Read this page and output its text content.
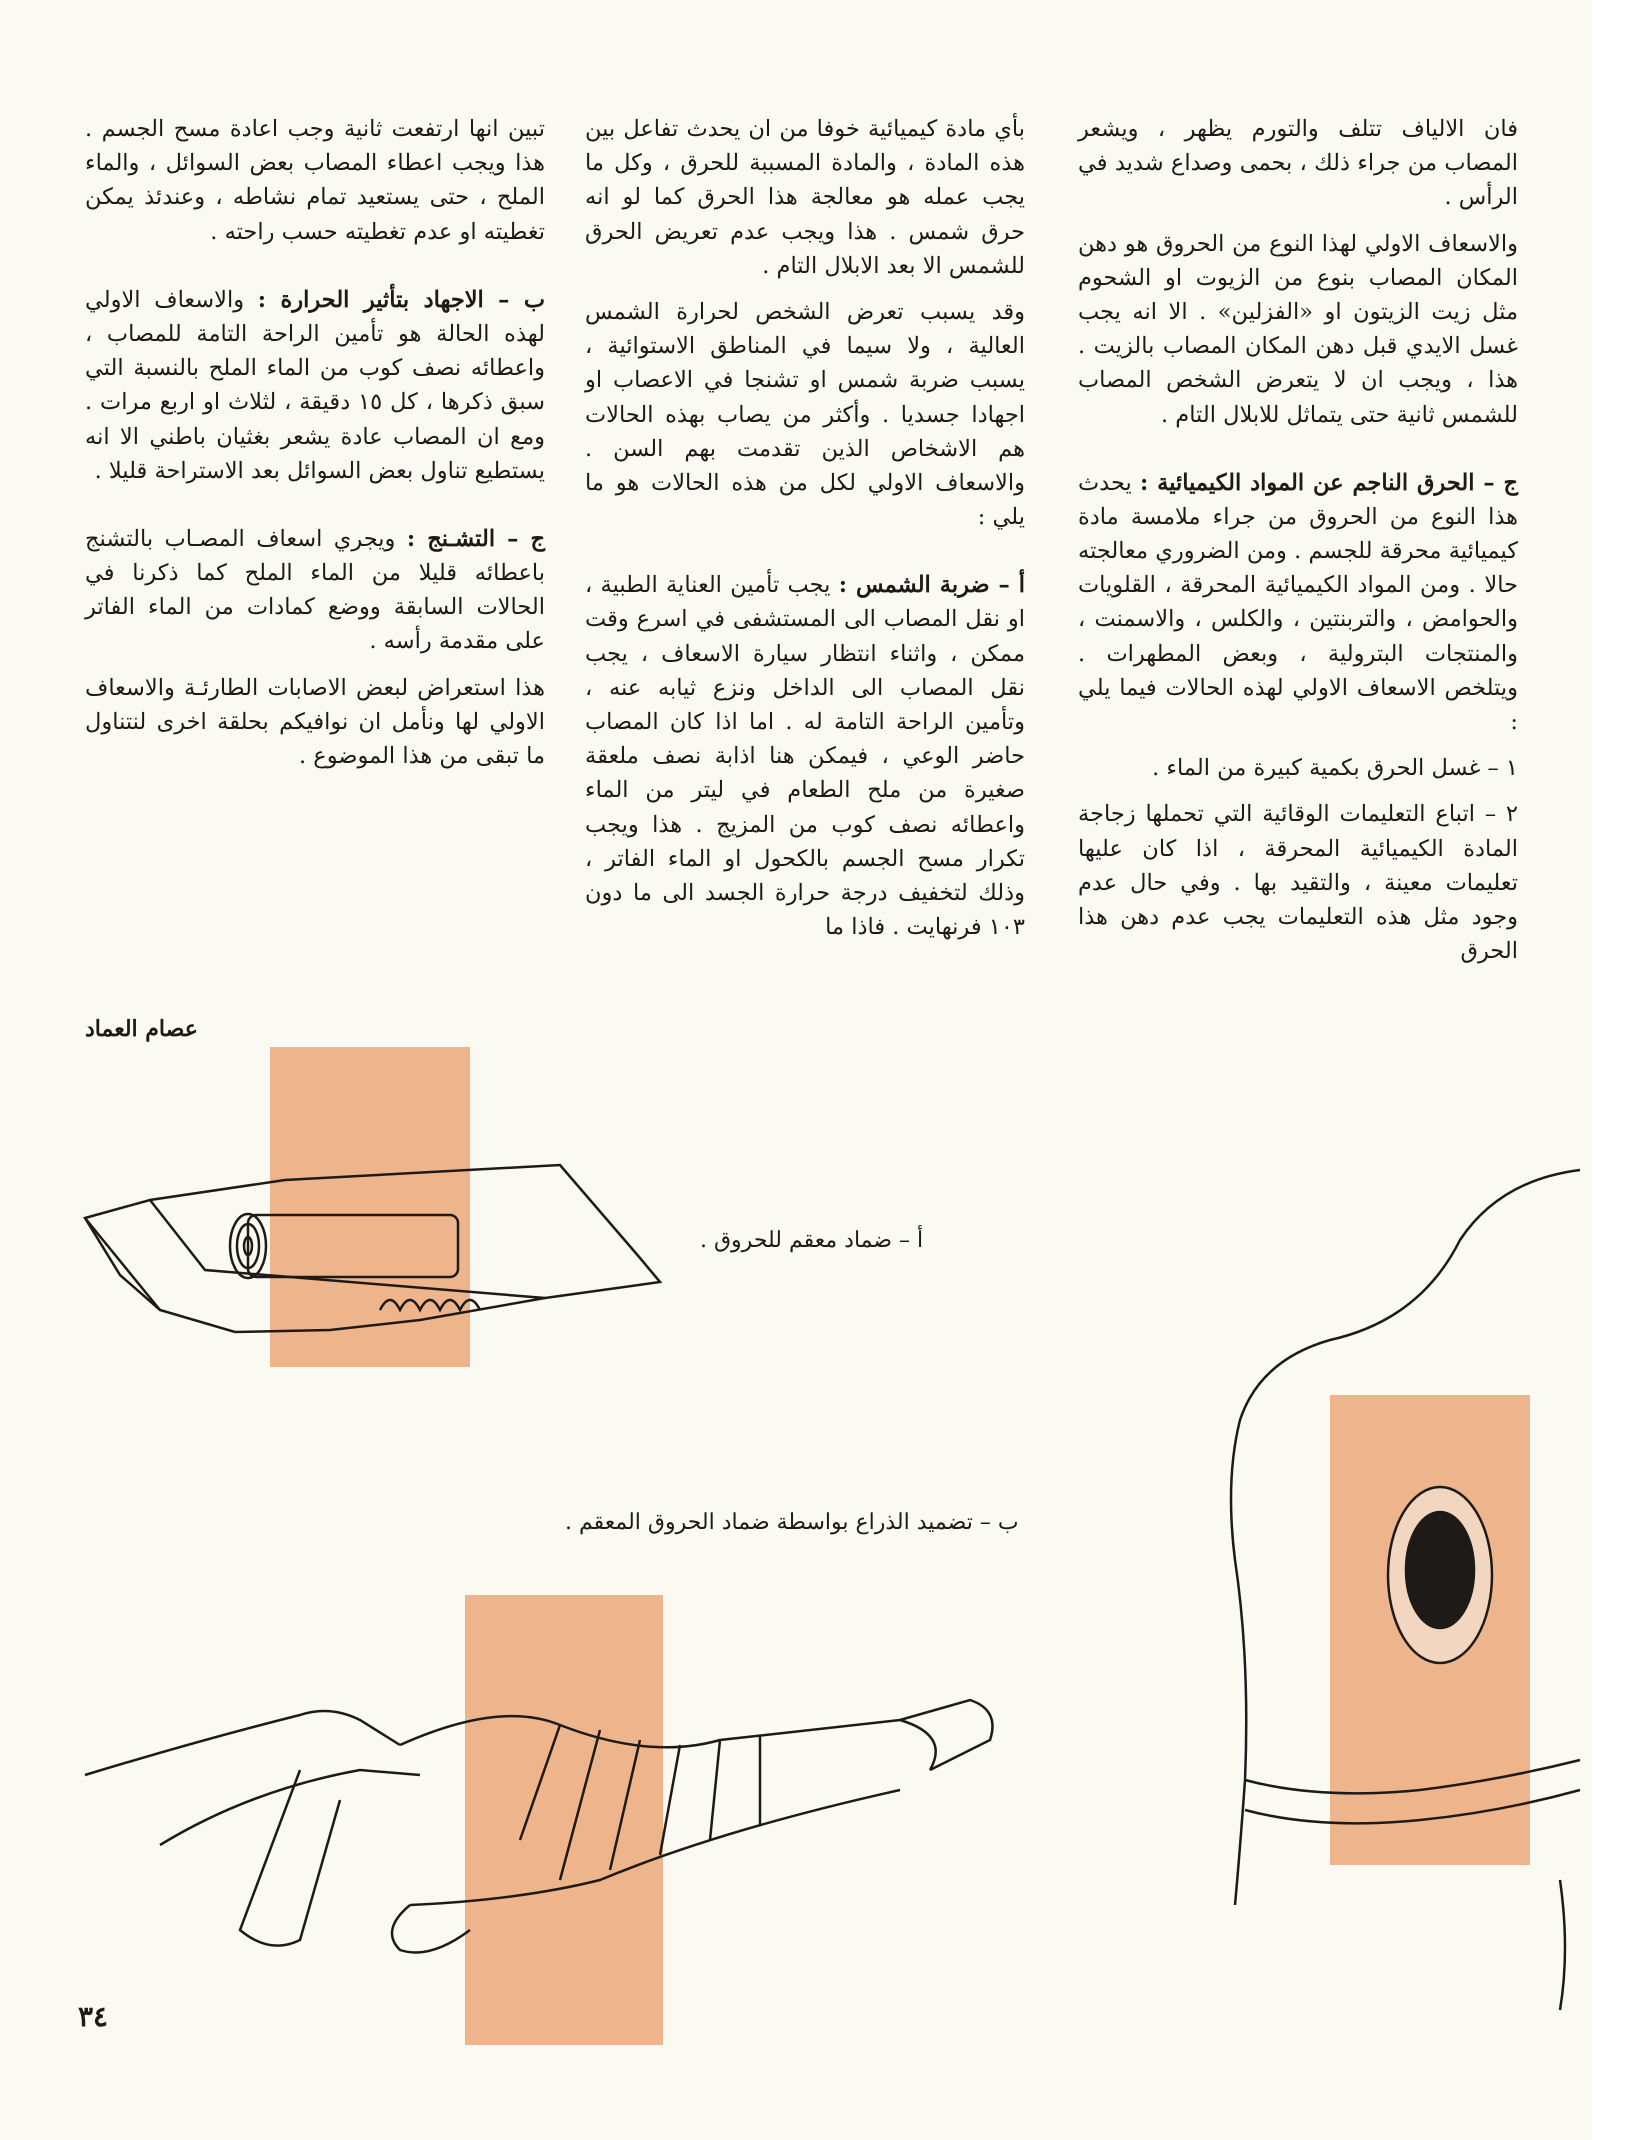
فان الالياف تتلف والتورم يظهر ، ويشعر المصاب من جراء ذلك ، بحمى وصداع شديد في الرأس .

والاسعاف الاولي لهذا النوع من الحروق هو دهن المكان المصاب بنوع من الزيوت او الشحوم مثل زيت الزيتون او «الفزلين» . الا انه يجب غسل الايدي قبل دهن المكان المصاب بالزيت . هذا ، ويجب ان لا يتعرض الشخص المصاب للشمس ثانية حتى يتماثل للابلال التام .

ج – الحرق الناجم عن المواد الكيميائية : يحدث هذا النوع من الحروق من جراء ملامسة مادة كيميائية محرقة للجسم . ومن الضروري معالجته حالا . ومن المواد الكيميائية المحرقة ، القلويات والحوامض ، والتربنتين ، والكلس ، والاسمنت ، والمنتجات البترولية ، وبعض المطهرات . ويتلخص الاسعاف الاولي لهذه الحالات فيما يلي :

١ – غسل الحرق بكمية كبيرة من الماء .

٢ – اتباع التعليمات الوقائية التي تحملها زجاجة المادة الكيميائية المحرقة ، اذا كان عليها تعليمات معينة ، والتقيد بها . وفي حال عدم وجود مثل هذه التعليمات يجب عدم دهن هذا الحرق

بأي مادة كيميائية خوفا من ان يحدث تفاعل بين هذه المادة ، والمادة المسببة للحرق ، وكل ما يجب عمله هو معالجة هذا الحرق كما لو انه حرق شمس . هذا ويجب عدم تعريض الحرق للشمس الا بعد الابلال التام .

وقد يسبب تعرض الشخص لحرارة الشمس العالية ، ولا سيما في المناطق الاستوائية ، يسبب ضربة شمس او تشنجا في الاعصاب او اجهادا جسديا . وأكثر من يصاب بهذه الحالات هم الاشخاص الذين تقدمت بهم السن . والاسعاف الاولي لكل من هذه الحالات هو ما يلي :

أ – ضربة الشمس : يجب تأمين العناية الطبية ، او نقل المصاب الى المستشفى في اسرع وقت ممكن ، واثناء انتظار سيارة الاسعاف ، يجب نقل المصاب الى الداخل ونزع ثيابه عنه ، وتأمين الراحة التامة له . اما اذا كان المصاب حاضر الوعي ، فيمكن هنا اذابة نصف ملعقة صغيرة من ملح الطعام في ليتر من الماء واعطائه نصف كوب من المزيج . هذا ويجب تكرار مسح الجسم بالكحول او الماء الفاتر ، وذلك لتخفيف درجة حرارة الجسد الى ما دون ١٠٣ فرنهايت . فاذا ما

تبين انها ارتفعت ثانية وجب اعادة مسح الجسم . هذا ويجب اعطاء المصاب بعض السوائل ، والماء الملح ، حتى يستعيد تمام نشاطه ، وعندئذ يمكن تغطيته او عدم تغطيته حسب راحته .

ب – الاجهاد بتأثير الحرارة : والاسعاف الاولي لهذه الحالة هو تأمين الراحة التامة للمصاب ، واعطائه نصف كوب من الماء الملح بالنسبة التي سبق ذكرها ، كل ١٥ دقيقة ، لثلاث او اربع مرات . ومع ان المصاب عادة يشعر بغثيان باطني الا انه يستطيع تناول بعض السوائل بعد الاستراحة قليلا .

ج – التشـنج : ويجري اسعاف المصـاب بالتشنج باعطائه قليلا من الماء الملح كما ذكرنا في الحالات السابقة ووضع كمادات من الماء الفاتر على مقدمة رأسه .

هذا استعراض لبعض الاصابات الطارئـة والاسعاف الاولي لها ونأمل ان نوافيكم بحلقة اخرى لنتناول ما تبقى من هذا الموضوع .

عصام العماد
أ – ضماد معقم للحروق .
ب – تضميد الذراع بواسطة ضماد الحروق المعقم .
٣٤
